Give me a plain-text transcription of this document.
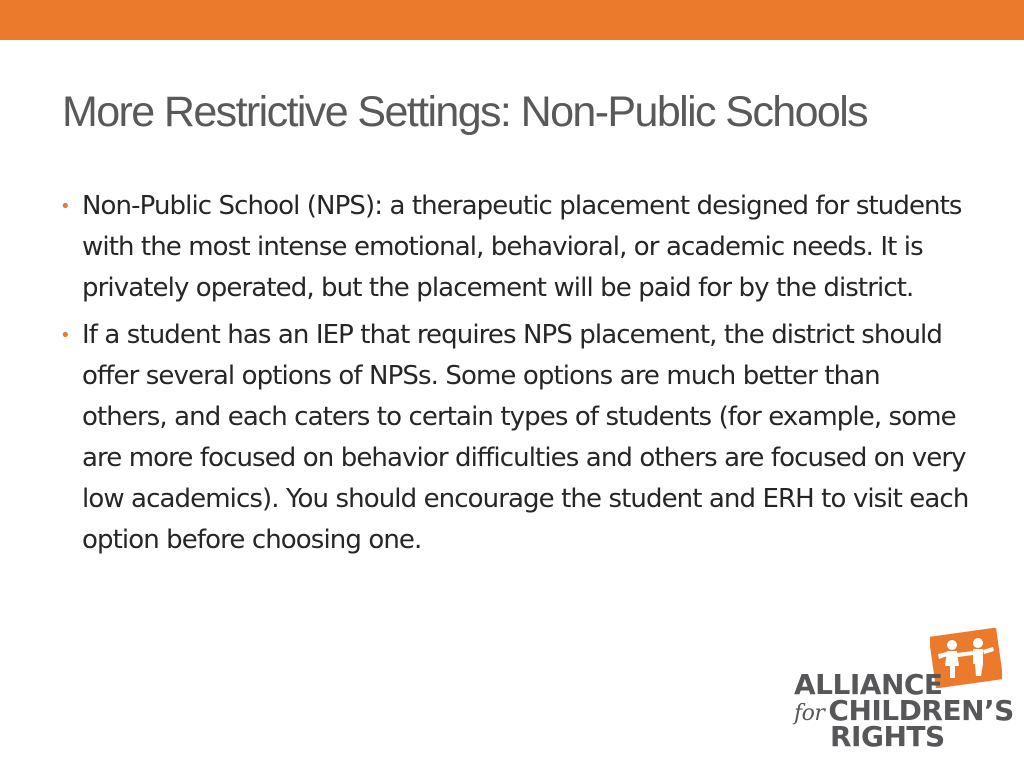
More Restrictive Settings: Non-Public Schools
• Non-Public School (NPS): a therapeutic placement designed for students with the most intense emotional, behavioral, or academic needs. It is privately operated, but the placement will be paid for by the district.
• If a student has an IEP that requires NPS placement, the district should offer several options of NPSs. Some options are much better than others, and each caters to certain types of students (for example, some are more focused on behavior difficulties and others are focused on very low academics). You should encourage the student and ERH to visit each option before choosing one.
ALLIANCE
for CHILDREN’S
RIGHTS
